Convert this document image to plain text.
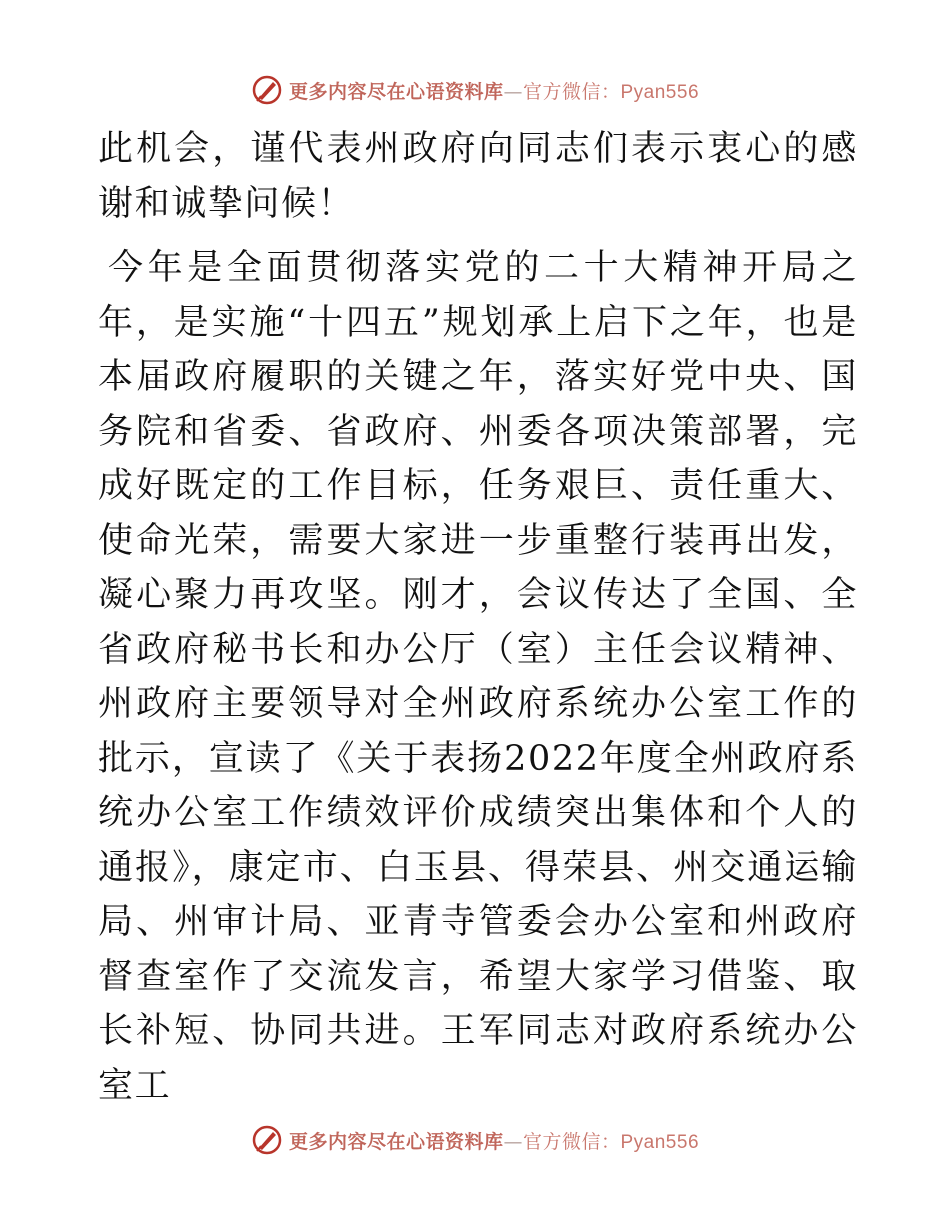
更多内容尽在心语资料库—官方微信：Pyan556

此机会，谨代表州政府向同志们表示衷心的感谢和诚挚问候！

今年是全面贯彻落实党的二十大精神开局之年，是实施“十四五”规划承上启下之年，也是本届政府履职的关键之年，落实好党中央、国务院和省委、省政府、州委各项决策部署，完成好既定的工作目标，任务艰巨、责任重大、使命光荣，需要大家进一步重整行装再出发，凝心聚力再攻坚。刚才，会议传达了全国、全省政府秘书长和办公厅（室）主任会议精神、州政府主要领导对全州政府系统办公室工作的批示，宣读了《关于表扬2022年度全州政府系统办公室工作绩效评价成绩突出集体和个人的通报》，康定市、白玉县、得荣县、州交通运输局、州审计局、亚青寺管委会办公室和州政府督查室作了交流发言，希望大家学习借鉴、取长补短、协同共进。王军同志对政府系统办公室工

更多内容尽在心语资料库—官方微信：Pyan556
